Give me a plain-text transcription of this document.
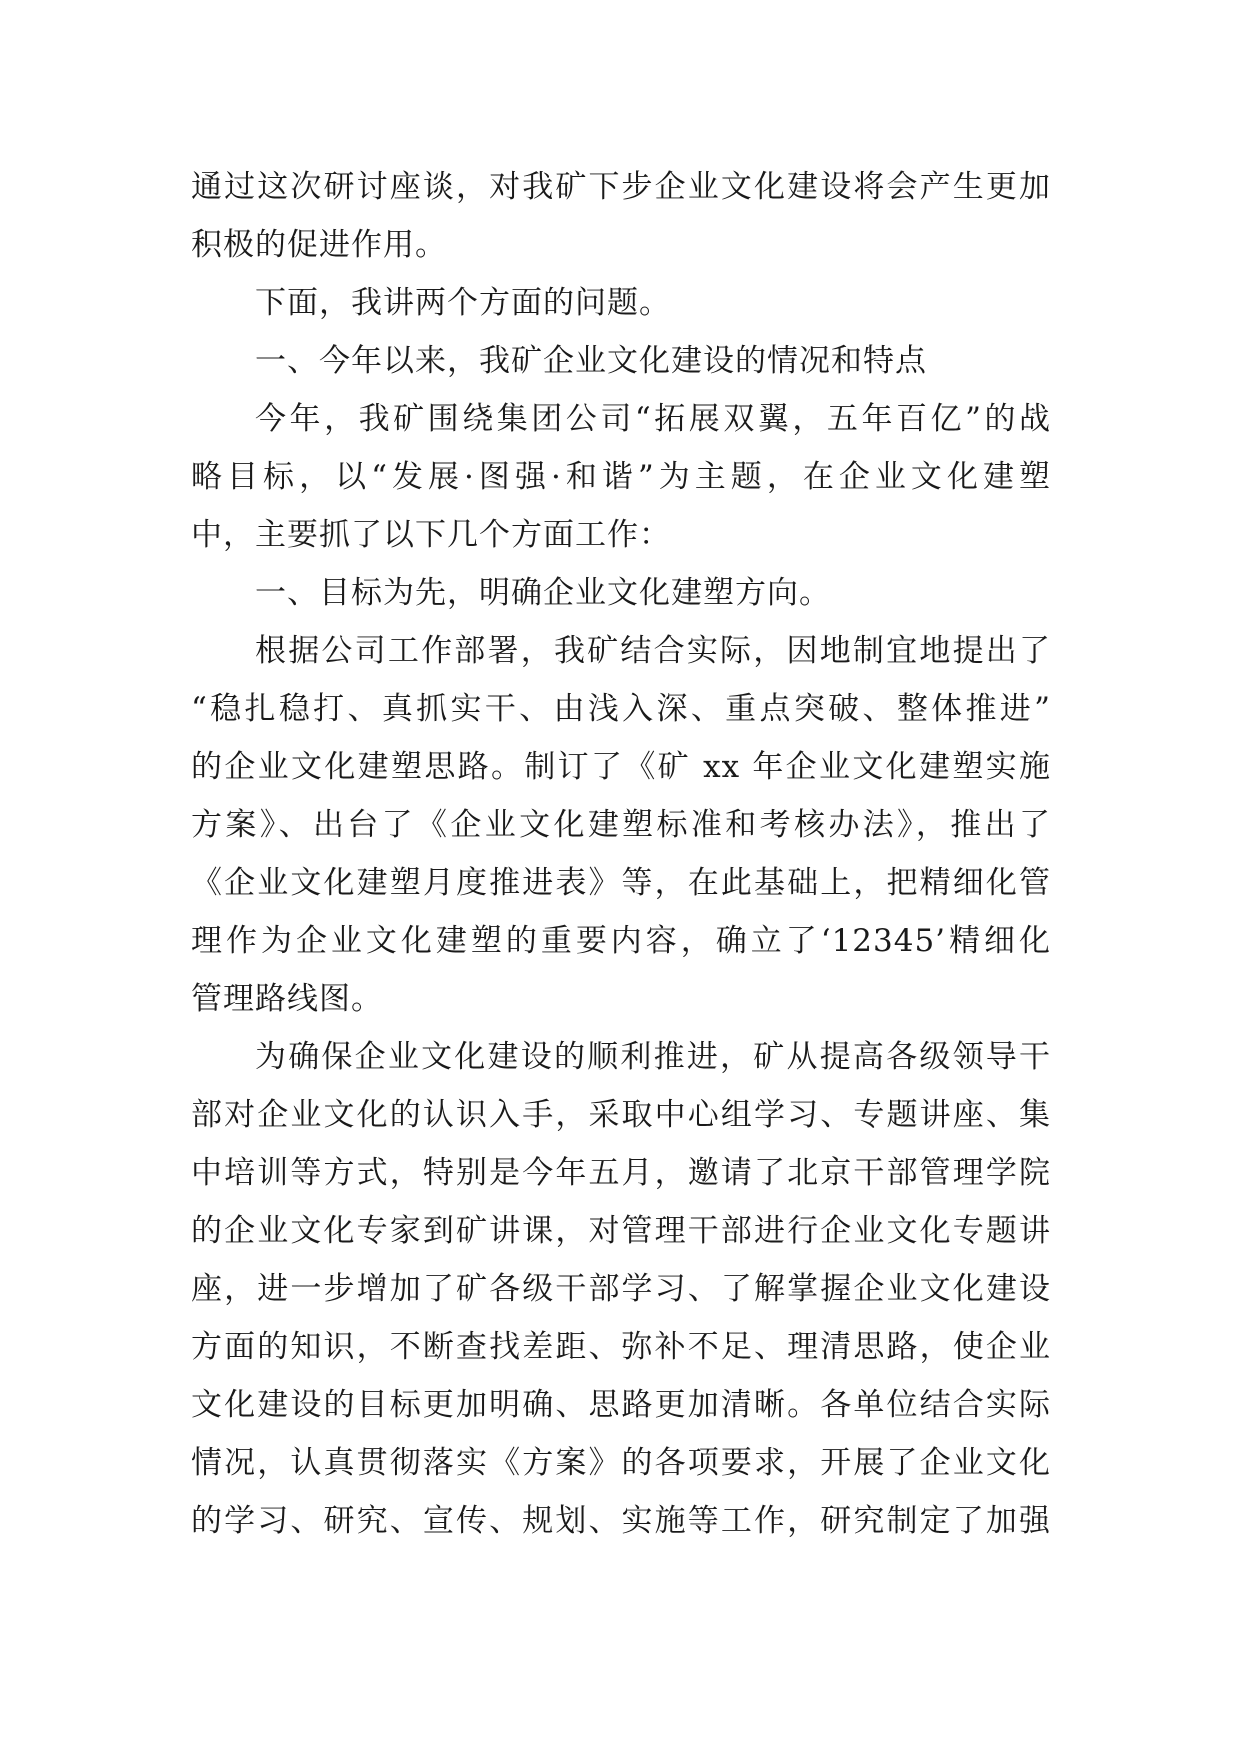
通过这次研讨座谈，对我矿下步企业文化建设将会产生更加
积极的促进作用。
下面，我讲两个方面的问题。
一、今年以来，我矿企业文化建设的情况和特点
今年，我矿围绕集团公司“拓展双翼，五年百亿”的战
略目标，以“发展·图强·和谐”为主题，在企业文化建塑
中，主要抓了以下几个方面工作：
一、目标为先，明确企业文化建塑方向。
根据公司工作部署，我矿结合实际，因地制宜地提出了
“稳扎稳打、真抓实干、由浅入深、重点突破、整体推进”
的企业文化建塑思路。制订了《矿 xx 年企业文化建塑实施
方案》、出台了《企业文化建塑标准和考核办法》，推出了
《企业文化建塑月度推进表》等，在此基础上，把精细化管
理作为企业文化建塑的重要内容，确立了‘12345’精细化
管理路线图。
为确保企业文化建设的顺利推进，矿从提高各级领导干
部对企业文化的认识入手，采取中心组学习、专题讲座、集
中培训等方式，特别是今年五月，邀请了北京干部管理学院
的企业文化专家到矿讲课，对管理干部进行企业文化专题讲
座，进一步增加了矿各级干部学习、了解掌握企业文化建设
方面的知识，不断查找差距、弥补不足、理清思路，使企业
文化建设的目标更加明确、思路更加清晰。各单位结合实际
情况，认真贯彻落实《方案》的各项要求，开展了企业文化
的学习、研究、宣传、规划、实施等工作，研究制定了加强
